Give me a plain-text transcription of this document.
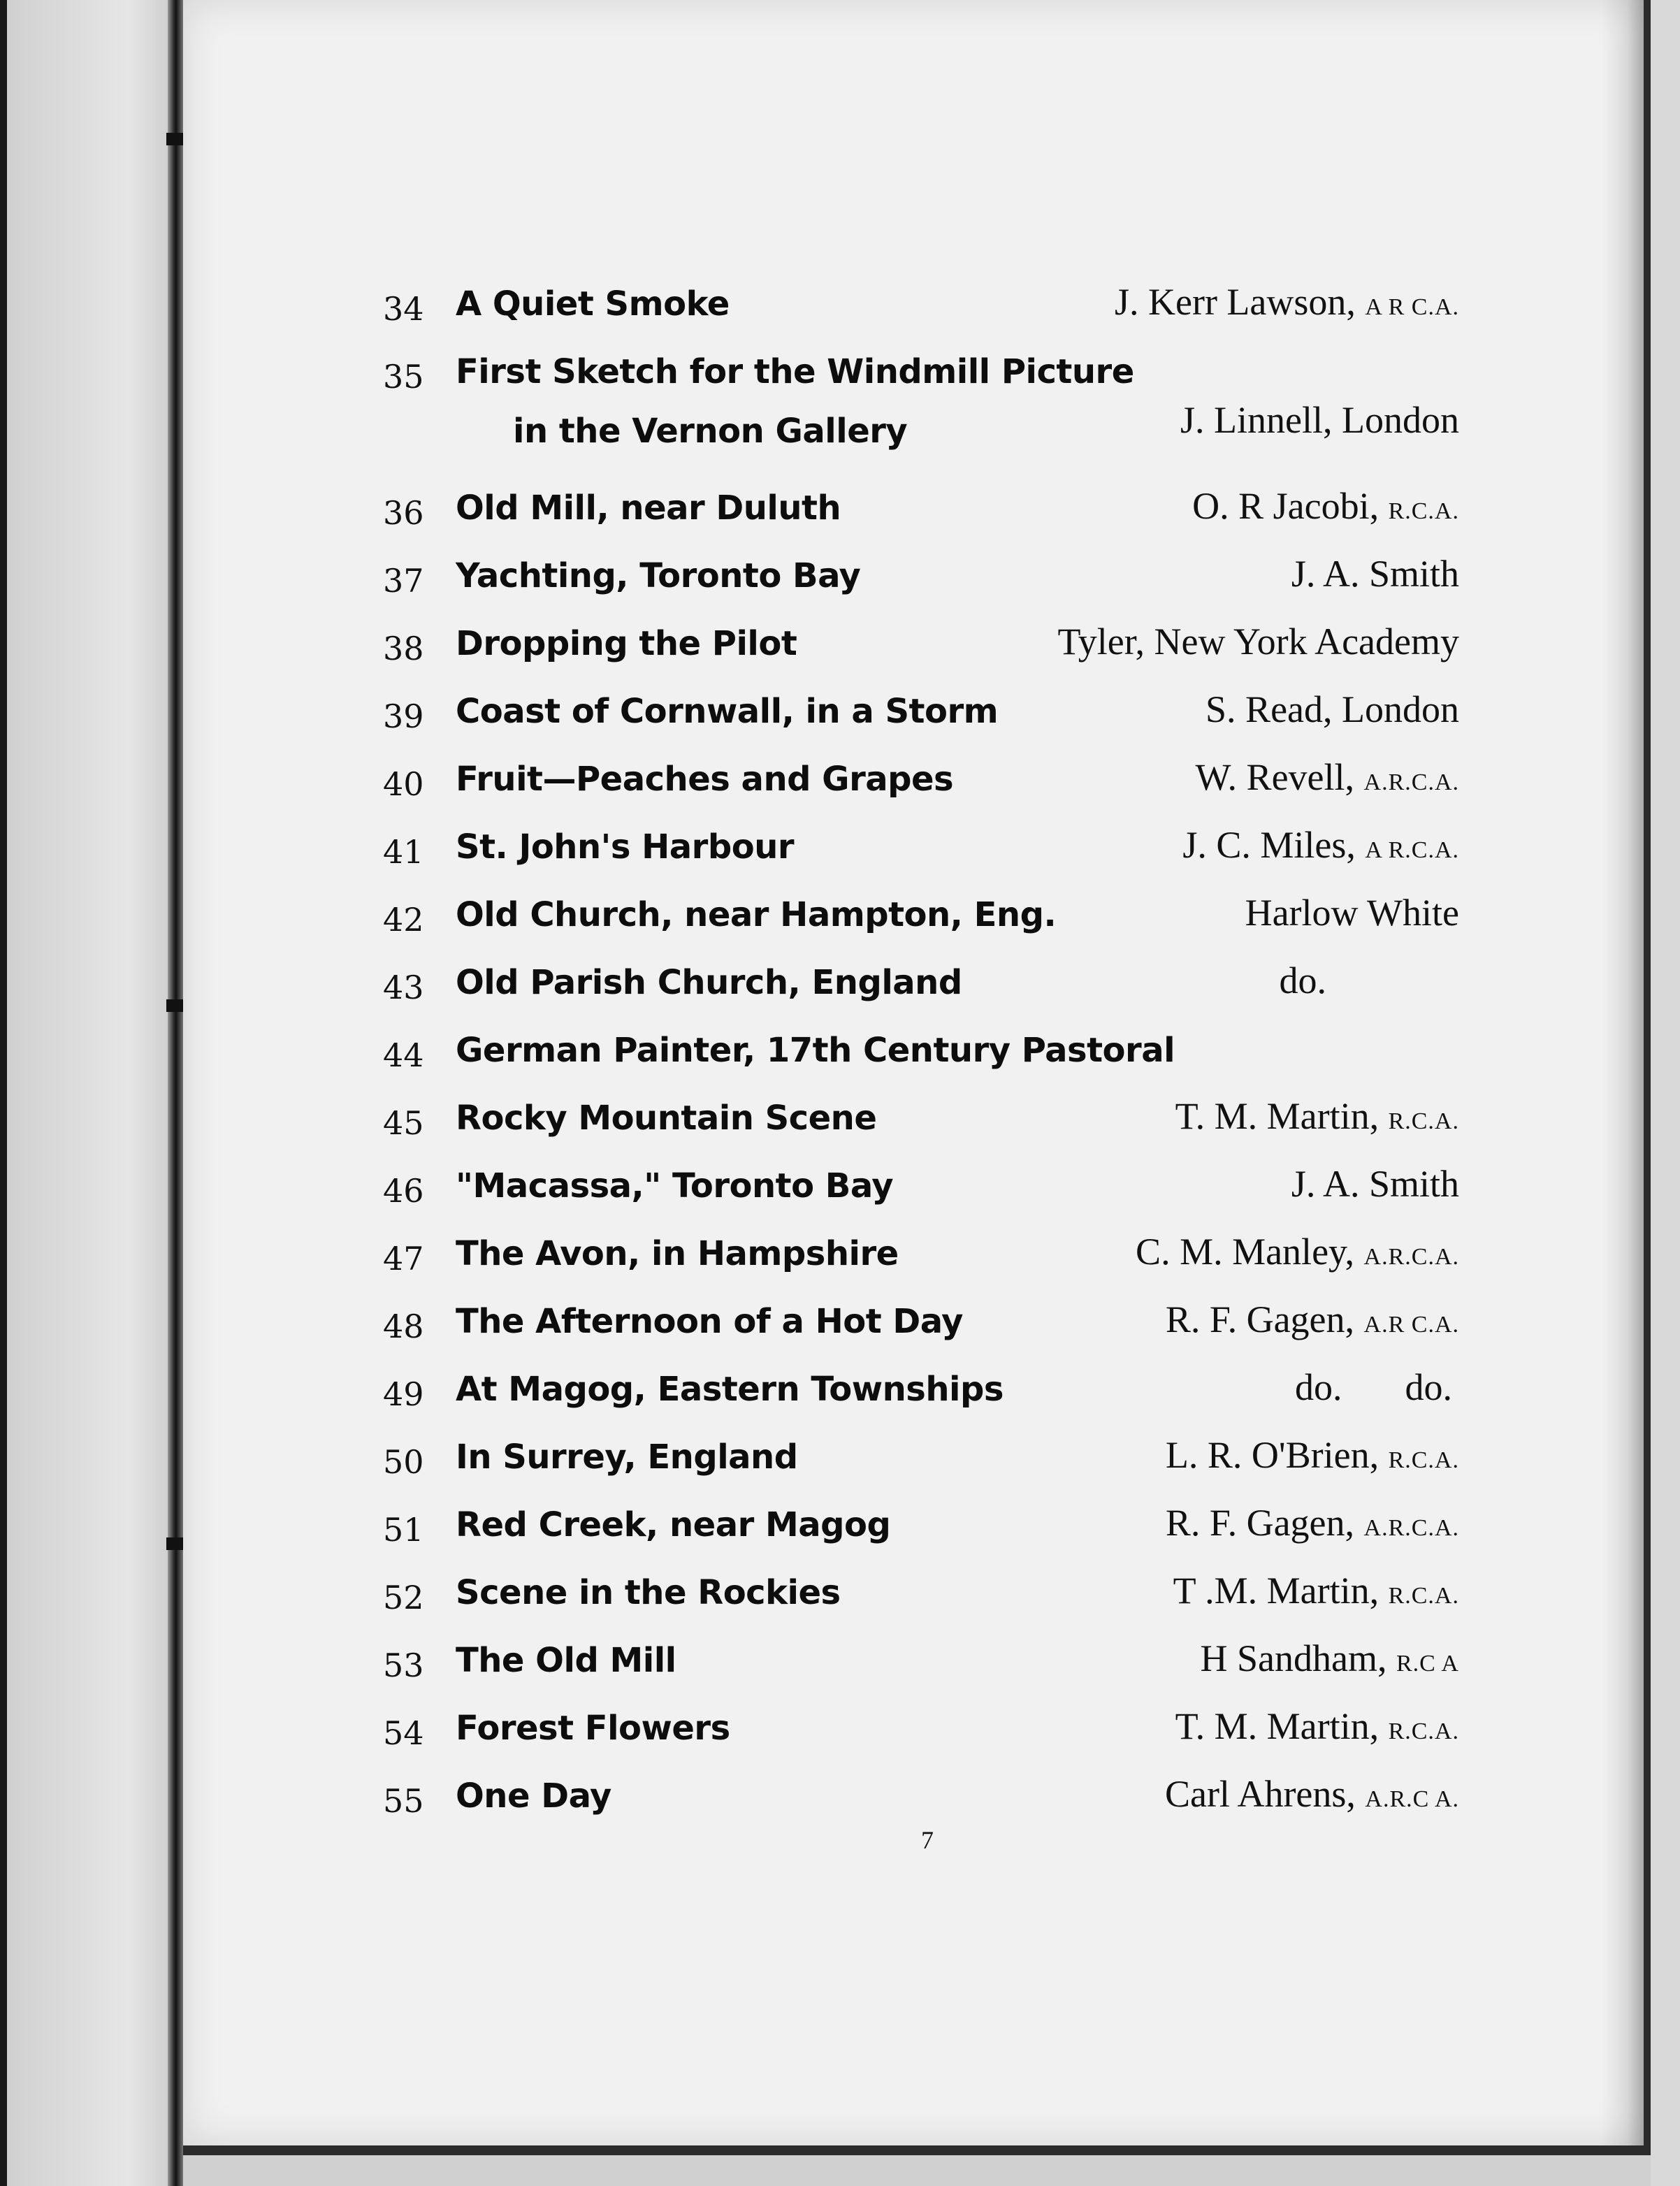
34 A Quiet Smoke	J. Kerr Lawson, A R C.A.
35 First Sketch for the Windmill Picture
in the Vernon Gallery	J. Linnell, London
36 Old Mill, near Duluth	O. R Jacobi, R.C.A.
37 Yachting, Toronto Bay	J. A. Smith
38 Dropping the Pilot	Tyler, New York Academy
39 Coast of Cornwall, in a Storm	S. Read, London
40 Fruit—Peaches and Grapes	W. Revell, A.R.C.A.
41 St. John's Harbour	J. C. Miles, A R.C.A.
42 Old Church, near Hampton, Eng.	Harlow White
43 Old Parish Church, England	do.
44 German Painter, 17th Century Pastoral
45 Rocky Mountain Scene	T. M. Martin, R.C.A.
46 "Macassa," Toronto Bay	J. A. Smith
47 The Avon, in Hampshire	C. M. Manley, A.R.C.A.
48 The Afternoon of a Hot Day	R. F. Gagen, A.R C.A.
49 At Magog, Eastern Townships	do. do.
50 In Surrey, England	L. R. O'Brien, R.C.A.
51 Red Creek, near Magog	R. F. Gagen, A.R.C.A.
52 Scene in the Rockies	T .M. Martin, R.C.A.
53 The Old Mill	H Sandham, R.C A
54 Forest Flowers	T. M. Martin, R.C.A.
55 One Day	Carl Ahrens, A.R.C A.
7
